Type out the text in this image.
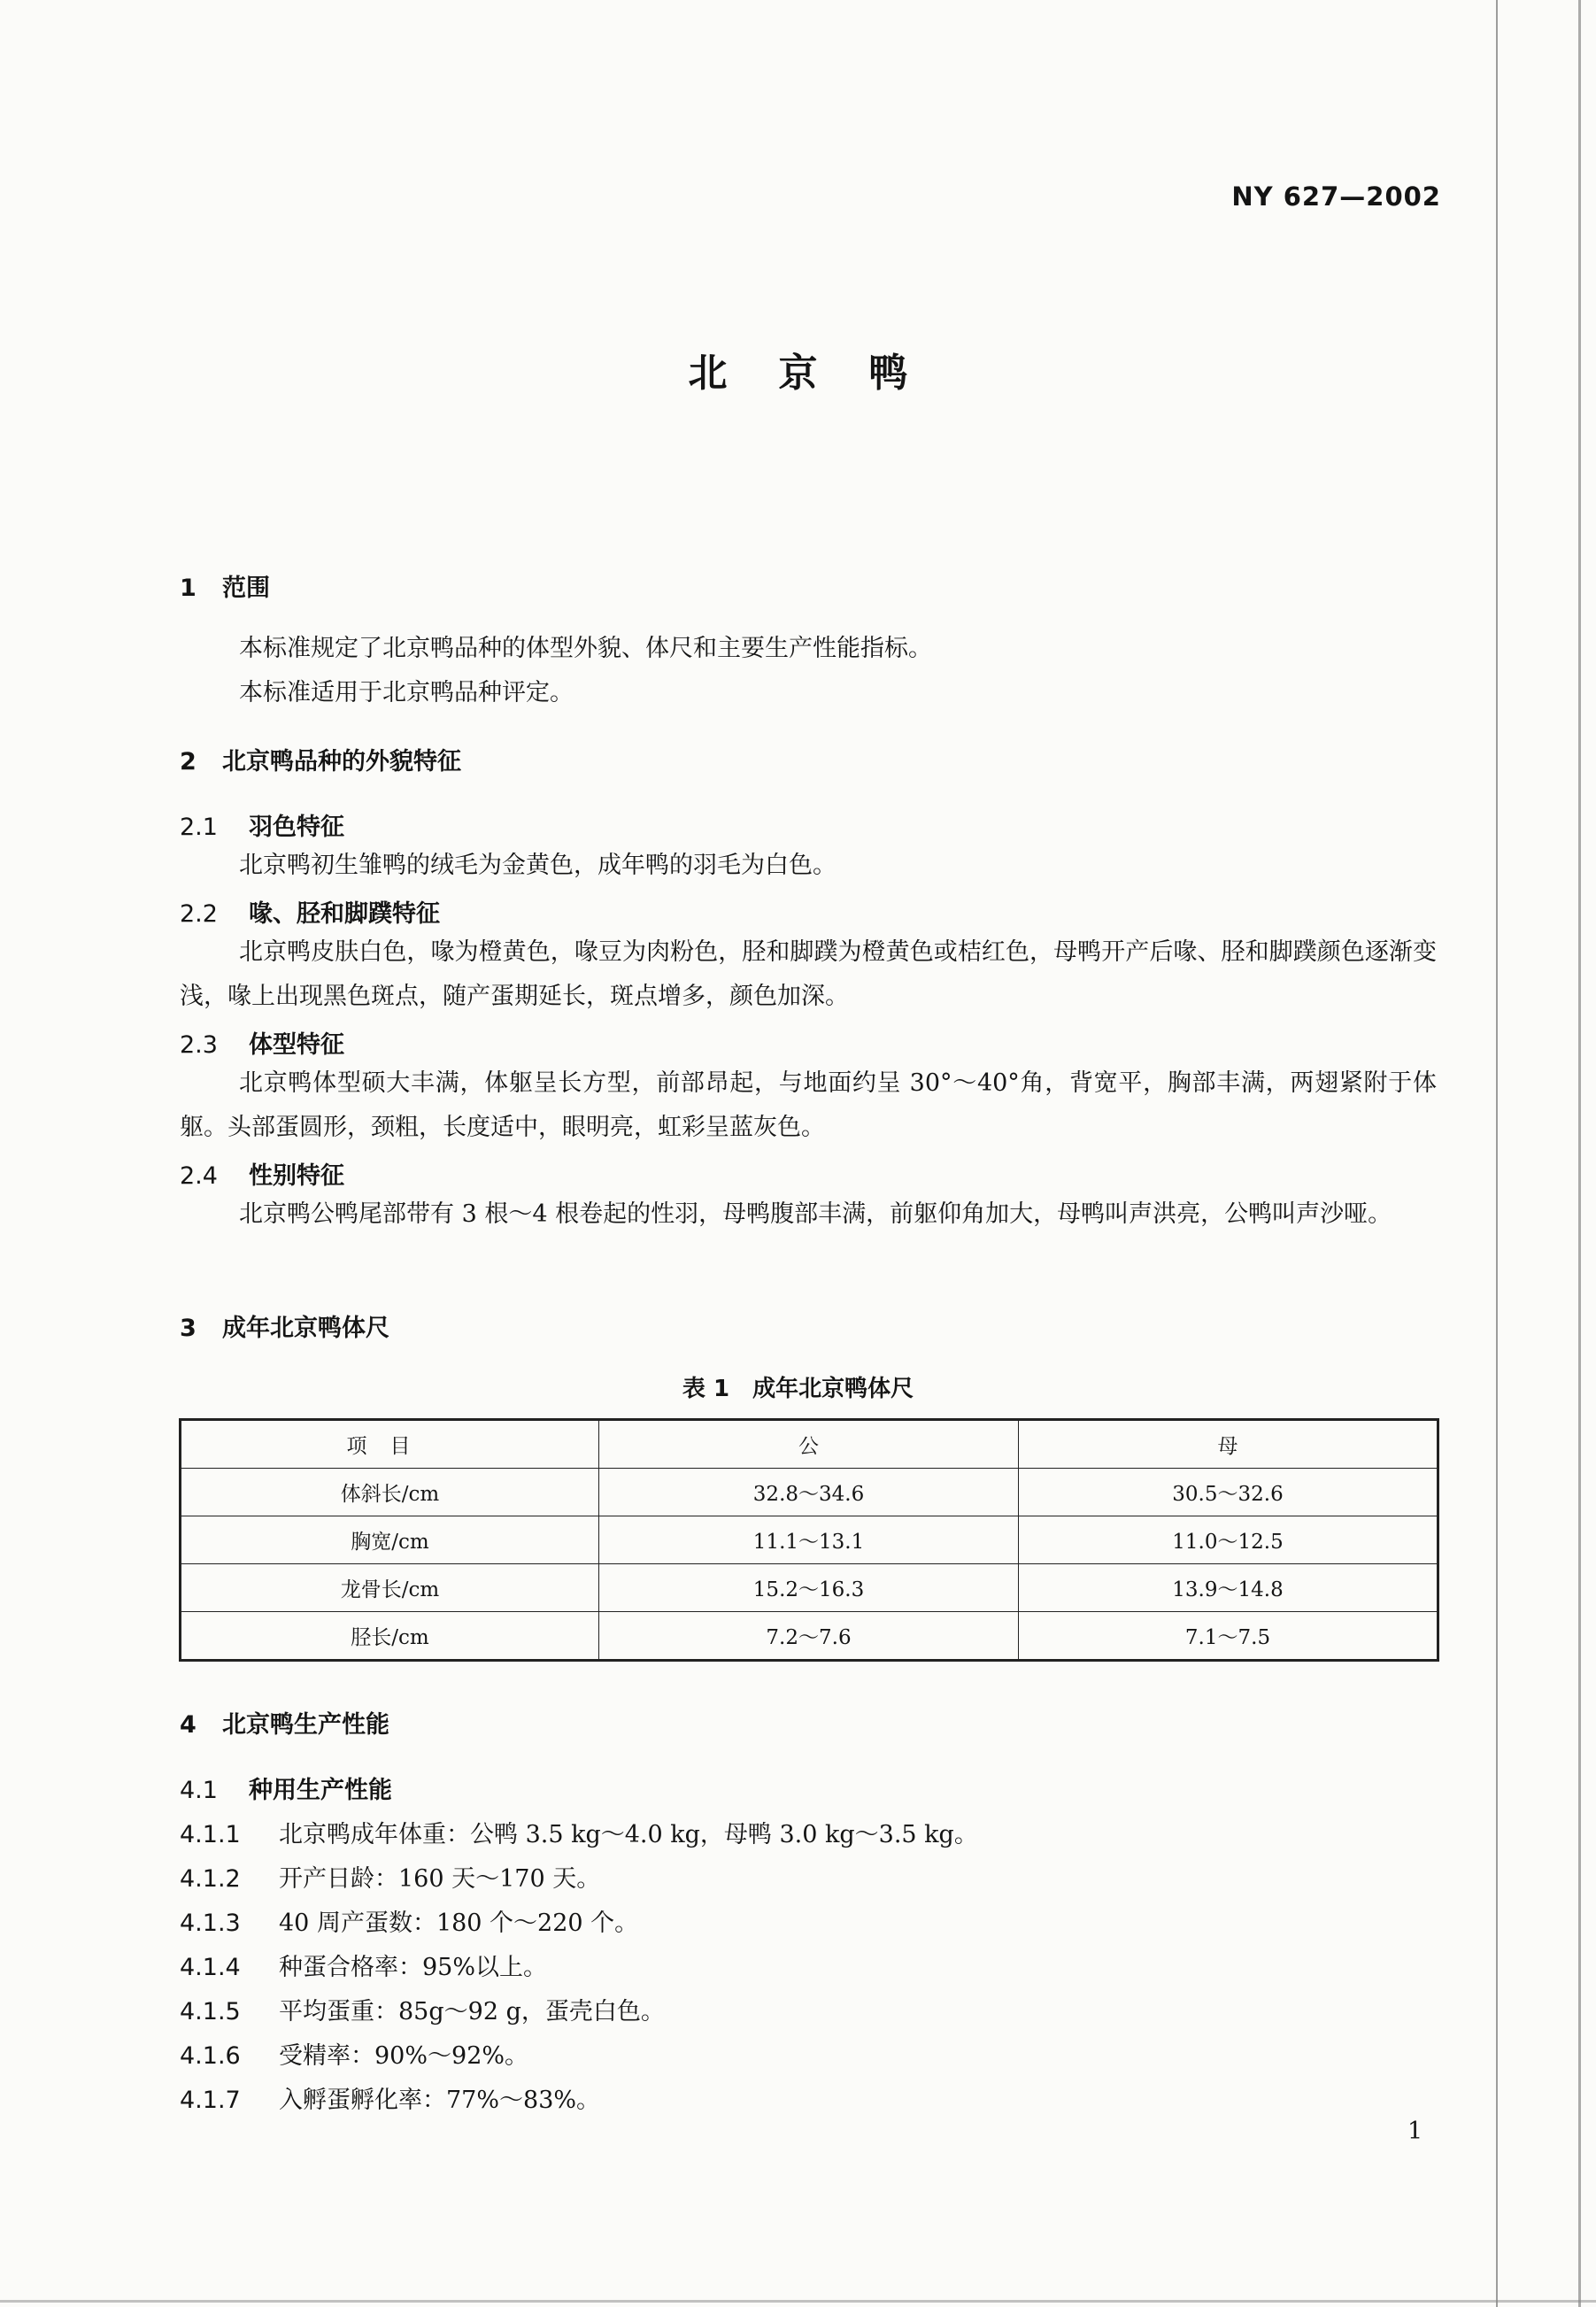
NY 627—2002
北京鸭
1 范围
本标准规定了北京鸭品种的体型外貌、体尺和主要生产性能指标。
本标准适用于北京鸭品种评定。
2 北京鸭品种的外貌特征
2.1 羽色特征
北京鸭初生雏鸭的绒毛为金黄色，成年鸭的羽毛为白色。
2.2 喙、胫和脚蹼特征
北京鸭皮肤白色，喙为橙黄色，喙豆为肉粉色，胫和脚蹼为橙黄色或桔红色，母鸭开产后喙、胫和脚蹼颜色逐渐变浅，喙上出现黑色斑点，随产蛋期延长，斑点增多，颜色加深。
2.3 体型特征
北京鸭体型硕大丰满，体躯呈长方型，前部昂起，与地面约呈 30°～40°角，背宽平，胸部丰满，两翅紧附于体躯。头部蛋圆形，颈粗，长度适中，眼明亮，虹彩呈蓝灰色。
2.4 性别特征
北京鸭公鸭尾部带有 3 根～4 根卷起的性羽，母鸭腹部丰满，前躯仰角加大，母鸭叫声洪亮，公鸭叫声沙哑。
3 成年北京鸭体尺
表 1　成年北京鸭体尺
项目	公	母
体斜长/cm	32.8～34.6	30.5～32.6
胸宽/cm	11.1～13.1	11.0～12.5
龙骨长/cm	15.2～16.3	13.9～14.8
胫长/cm	7.2～7.6	7.1～7.5
4 北京鸭生产性能
4.1 种用生产性能
4.1.1 北京鸭成年体重：公鸭 3.5 kg～4.0 kg，母鸭 3.0 kg～3.5 kg。
4.1.2 开产日龄：160 天～170 天。
4.1.3 40 周产蛋数：180 个～220 个。
4.1.4 种蛋合格率：95%以上。
4.1.5 平均蛋重：85g～92 g，蛋壳白色。
4.1.6 受精率：90%～92%。
4.1.7 入孵蛋孵化率：77%～83%。
1
